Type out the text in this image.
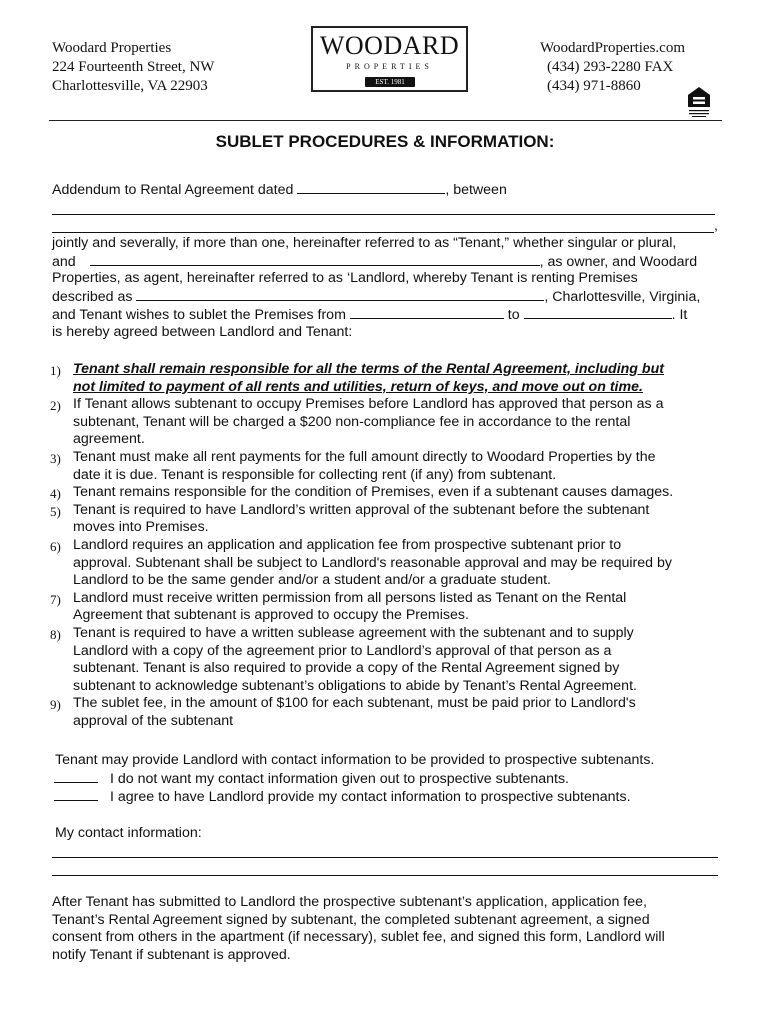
Woodard Properties
224 Fourteenth Street, NW
Charlottesville, VA 22903
WOODARD
PROPERTIES
EST. 1981
WoodardProperties.com
(434) 293-2280 FAX
(434) 971-8860
SUBLET PROCEDURES & INFORMATION:
Addendum to Rental Agreement dated	, between
,
jointly and severally, if more than one, hereinafter referred to as “Tenant,” whether singular or plural,
and	, as owner, and Woodard
Properties, as agent, hereinafter referred to as ‘Landlord, whereby Tenant is renting Premises
described as	, Charlottesville, Virginia,
and Tenant wishes to sublet the Premises from	to	. It
is hereby agreed between Landlord and Tenant:
1) Tenant shall remain responsible for all the terms of the Rental Agreement, including but
not limited to payment of all rents and utilities, return of keys, and move out on time.
2) If Tenant allows subtenant to occupy Premises before Landlord has approved that person as a
subtenant, Tenant will be charged a $200 non-compliance fee in accordance to the rental
agreement.
3) Tenant must make all rent payments for the full amount directly to Woodard Properties by the
date it is due. Tenant is responsible for collecting rent (if any) from subtenant.
4) Tenant remains responsible for the condition of Premises, even if a subtenant causes damages.
5) Tenant is required to have Landlord’s written approval of the subtenant before the subtenant
moves into Premises.
6) Landlord requires an application and application fee from prospective subtenant prior to
approval. Subtenant shall be subject to Landlord's reasonable approval and may be required by
Landlord to be the same gender and/or a student and/or a graduate student.
7) Landlord must receive written permission from all persons listed as Tenant on the Rental
Agreement that subtenant is approved to occupy the Premises.
8) Tenant is required to have a written sublease agreement with the subtenant and to supply
Landlord with a copy of the agreement prior to Landlord’s approval of that person as a
subtenant. Tenant is also required to provide a copy of the Rental Agreement signed by
subtenant to acknowledge subtenant’s obligations to abide by Tenant’s Rental Agreement.
9) The sublet fee, in the amount of $100 for each subtenant, must be paid prior to Landlord's
approval of the subtenant
Tenant may provide Landlord with contact information to be provided to prospective subtenants.
I do not want my contact information given out to prospective subtenants.
I agree to have Landlord provide my contact information to prospective subtenants.
My contact information:
After Tenant has submitted to Landlord the prospective subtenant’s application, application fee,
Tenant’s Rental Agreement signed by subtenant, the completed subtenant agreement, a signed
consent from others in the apartment (if necessary), sublet fee, and signed this form, Landlord will
notify Tenant if subtenant is approved.
